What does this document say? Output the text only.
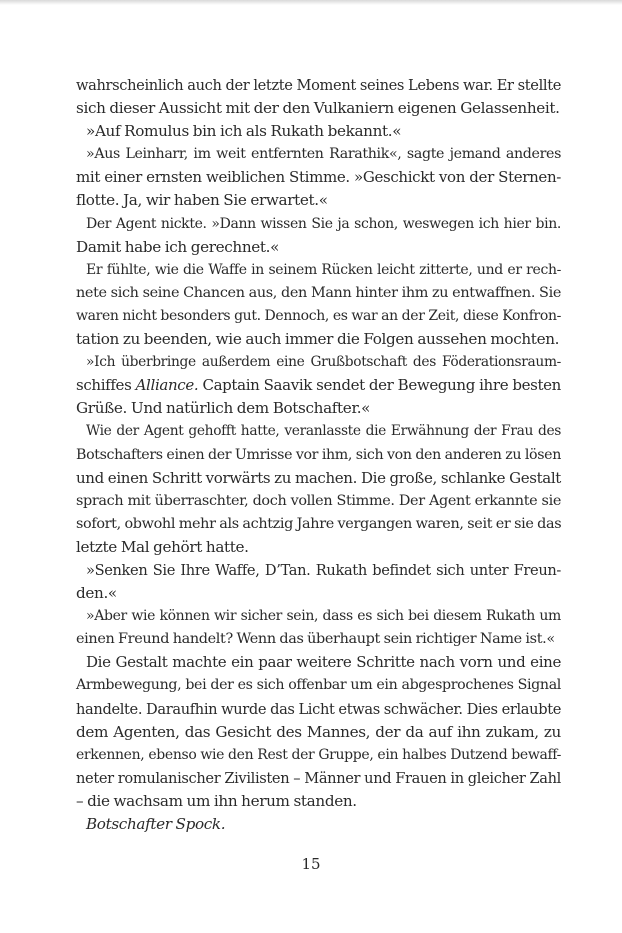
wahrscheinlich auch der letzte Moment seines Lebens war. Er stellte
sich dieser Aussicht mit der den Vulkaniern eigenen Gelassenheit.
»Auf Romulus bin ich als Rukath bekannt.«
»Aus Leinharr, im weit entfernten Rarathik«, sagte jemand anderes
mit einer ernsten weiblichen Stimme. »Geschickt von der Sternen-
flotte. Ja, wir haben Sie erwartet.«
Der Agent nickte. »Dann wissen Sie ja schon, weswegen ich hier bin.
Damit habe ich gerechnet.«
Er fühlte, wie die Waffe in seinem Rücken leicht zitterte, und er rech-
nete sich seine Chancen aus, den Mann hinter ihm zu entwaffnen. Sie
waren nicht besonders gut. Dennoch, es war an der Zeit, diese Konfron-
tation zu beenden, wie auch immer die Folgen aussehen mochten.
»Ich überbringe außerdem eine Grußbotschaft des Föderationsraum-
schiffes Alliance. Captain Saavik sendet der Bewegung ihre besten
Grüße. Und natürlich dem Botschafter.«
Wie der Agent gehofft hatte, veranlasste die Erwähnung der Frau des
Botschafters einen der Umrisse vor ihm, sich von den anderen zu lösen
und einen Schritt vorwärts zu machen. Die große, schlanke Gestalt
sprach mit überraschter, doch vollen Stimme. Der Agent erkannte sie
sofort, obwohl mehr als achtzig Jahre vergangen waren, seit er sie das
letzte Mal gehört hatte.
»Senken Sie Ihre Waffe, D’Tan. Rukath befindet sich unter Freun-
den.«
»Aber wie können wir sicher sein, dass es sich bei diesem Rukath um
einen Freund handelt? Wenn das überhaupt sein richtiger Name ist.«
Die Gestalt machte ein paar weitere Schritte nach vorn und eine
Armbewegung, bei der es sich offenbar um ein abgesprochenes Signal
handelte. Daraufhin wurde das Licht etwas schwächer. Dies erlaubte
dem Agenten, das Gesicht des Mannes, der da auf ihn zukam, zu
erkennen, ebenso wie den Rest der Gruppe, ein halbes Dutzend bewaff-
neter romulanischer Zivilisten – Männer und Frauen in gleicher Zahl
– die wachsam um ihn herum standen.
Botschafter Spock.
15
